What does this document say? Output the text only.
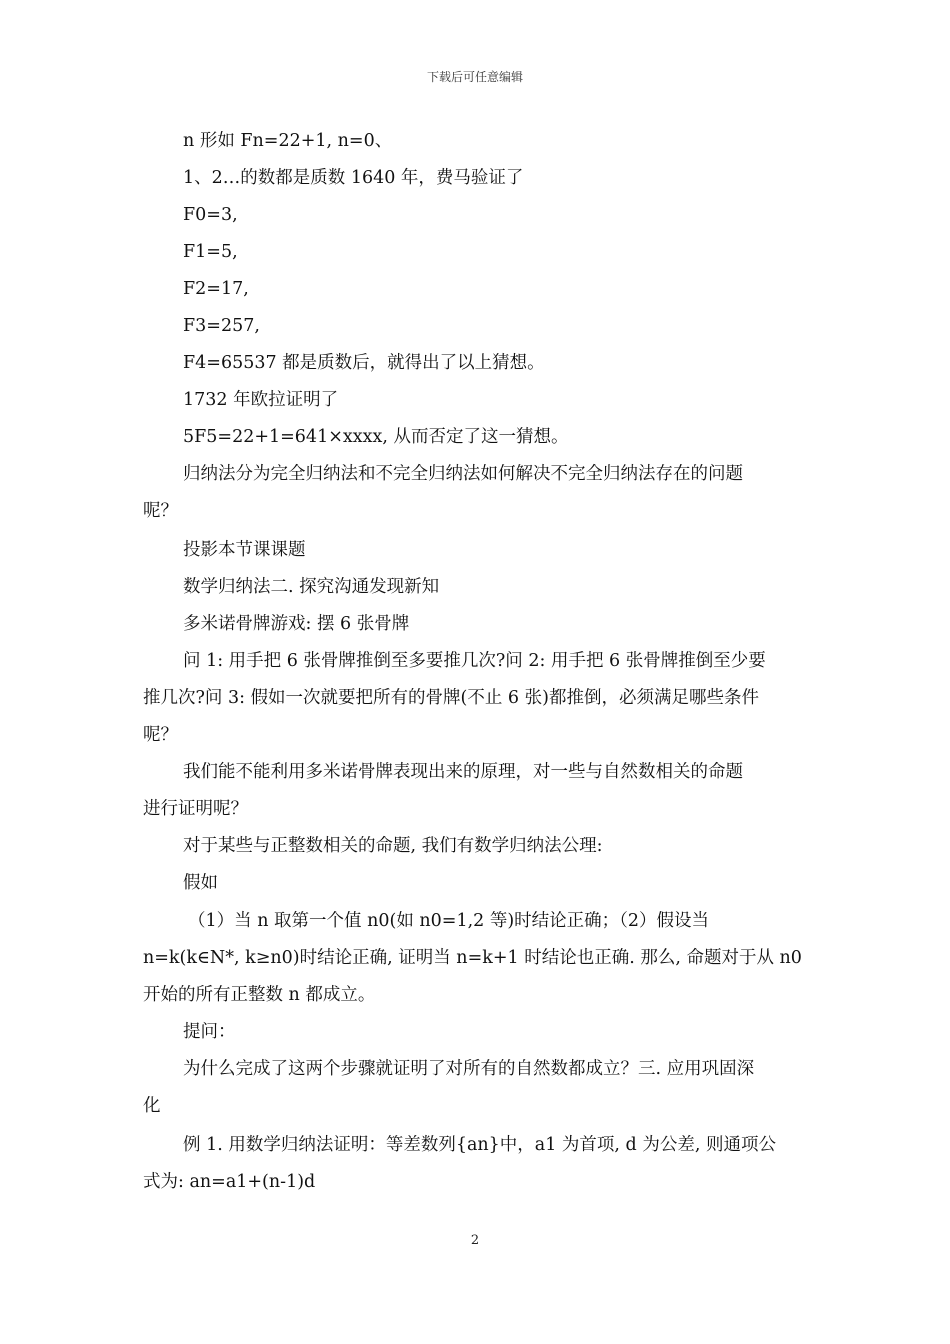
下载后可任意编辑
n 形如 Fn=22+1, n=0、
1、2…的数都是质数 1640 年，费马验证了
F0=3,
F1=5,
F2=17,
F3=257,
F4=65537 都是质数后，就得出了以上猜想。
1732 年欧拉证明了
5F5=22+1=641×xxxx, 从而否定了这一猜想。
归纳法分为完全归纳法和不完全归纳法如何解决不完全归纳法存在的问题
呢？
投影本节课课题
数学归纳法二. 探究沟通发现新知
多米诺骨牌游戏: 摆 6 张骨牌
问 1: 用手把 6 张骨牌推倒至多要推几次?问 2: 用手把 6 张骨牌推倒至少要
推几次?问 3: 假如一次就要把所有的骨牌(不止 6 张)都推倒，必须满足哪些条件
呢？
我们能不能利用多米诺骨牌表现出来的原理，对一些与自然数相关的命题
进行证明呢？
对于某些与正整数相关的命题, 我们有数学归纳法公理:
假如
（1）当 n 取第一个值 n0(如 n0=1,2 等)时结论正确；（2）假设当
n=k(k∈N*, k≥n0)时结论正确, 证明当 n=k+1 时结论也正确. 那么, 命题对于从 n0
开始的所有正整数 n 都成立。
提问：
为什么完成了这两个步骤就证明了对所有的自然数都成立？三. 应用巩固深
化
例 1. 用数学归纳法证明：等差数列{an}中，a1 为首项, d 为公差, 则通项公
式为: an=a1+(n-1)d
2
